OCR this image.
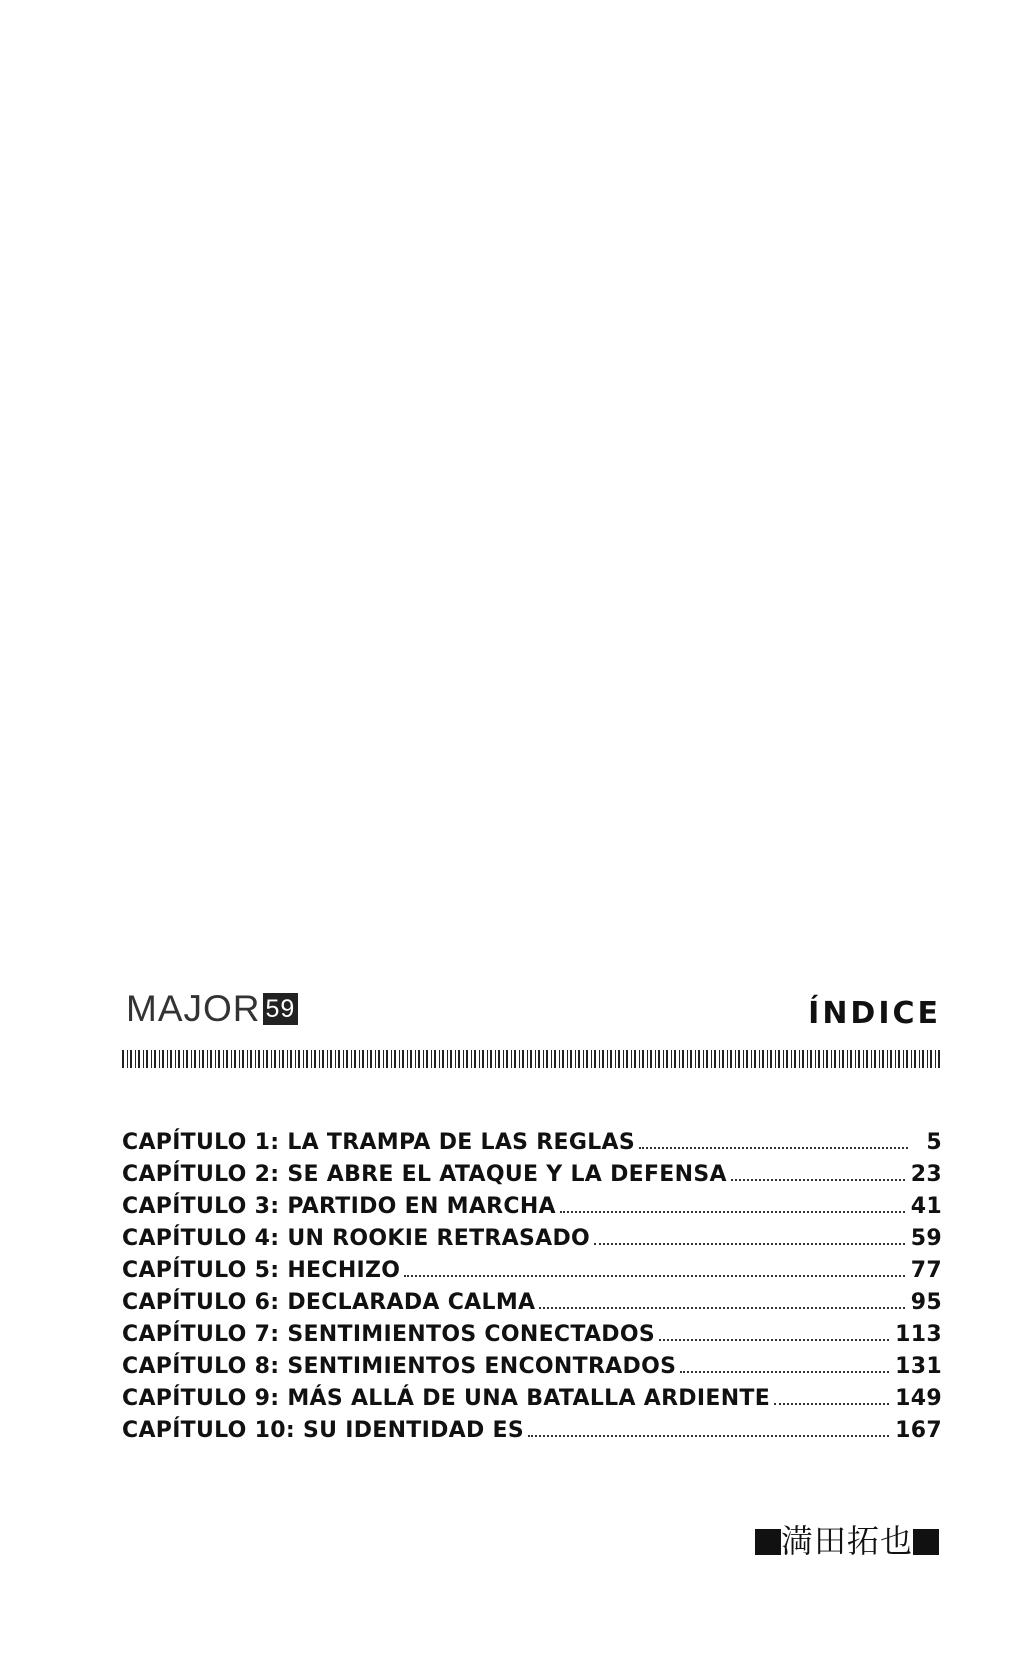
MAJOR 59	ÍNDICE
CAPÍTULO 1 : LA TRAMPA DE LAS REGLAS	5
CAPÍTULO 2 : SE ABRE EL ATAQUE Y LA DEFENSA	23
CAPÍTULO 3 : PARTIDO EN MARCHA	41
CAPÍTULO 4 : UN ROOKIE RETRASADO	59
CAPÍTULO 5 : HECHIZO	77
CAPÍTULO 6 : DECLARADA CALMA	95
CAPÍTULO 7 : SENTIMIENTOS CONECTADOS	113
CAPÍTULO 8 : SENTIMIENTOS ENCONTRADOS	131
CAPÍTULO 9 : MÁS ALLÁ DE UNA BATALLA ARDIENTE	149
CAPÍTULO 10 : SU IDENTIDAD ES	167
満田拓也
